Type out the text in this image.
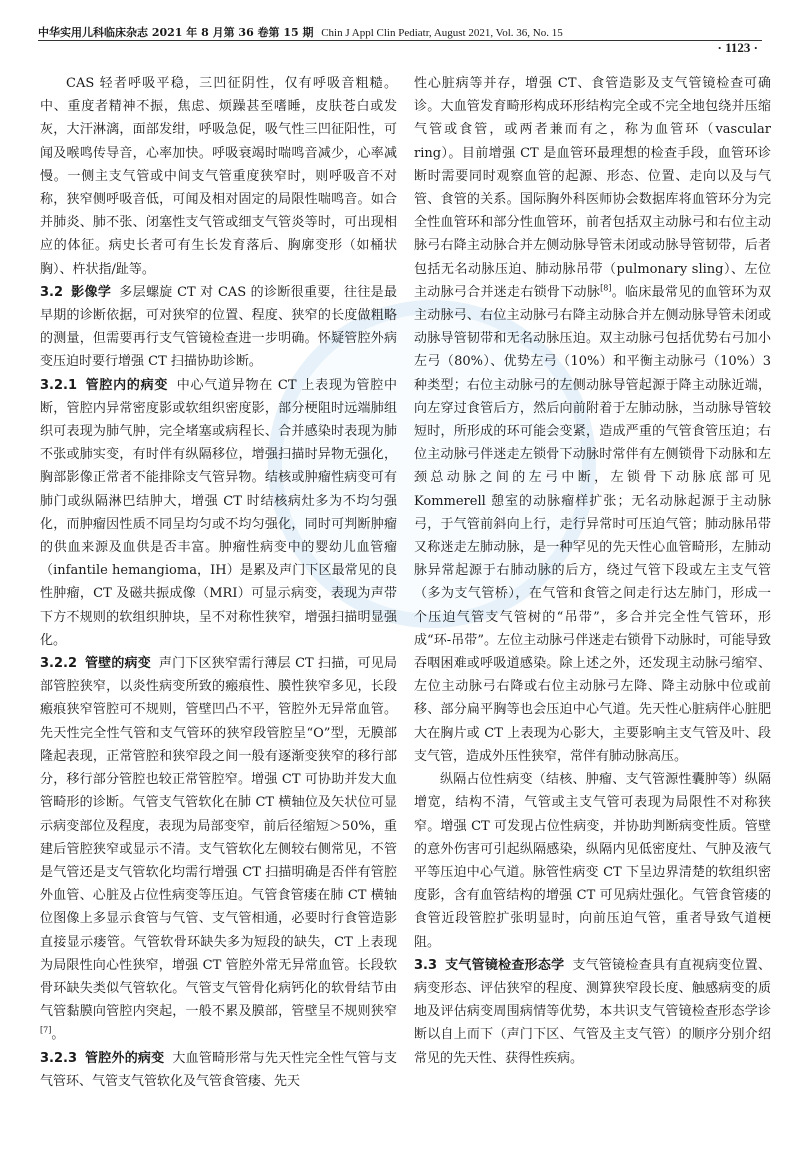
中华实用儿科临床杂志 2021 年 8 月第 36 卷第 15 期 Chin J Appl Clin Pediatr, August 2021, Vol. 36, No. 15
· 1123 ·

CAS 轻者呼吸平稳，三凹征阴性，仅有呼吸音粗糙。中、重度者精神不振，焦虑、烦躁甚至嗜睡，皮肤苍白或发灰，大汗淋漓，面部发绀，呼吸急促，吸气性三凹征阳性，可闻及喉鸣传导音，心率加快。呼吸衰竭时喘鸣音减少，心率减慢。一侧主支气管或中间支气管重度狭窄时，则呼吸音不对称，狭窄侧呼吸音低，可闻及相对固定的局限性喘鸣音。如合并肺炎、肺不张、闭塞性支气管或细支气管炎等时，可出现相应的体征。病史长者可有生长发育落后、胸廓变形（如桶状胸）、杵状指/趾等。

3.2 影像学 多层螺旋 CT 对 CAS 的诊断很重要，往往是最早期的诊断依据，可对狭窄的位置、程度、狭窄的长度做粗略的测量，但需要再行支气管镜检查进一步明确。怀疑管腔外病变压迫时要行增强 CT 扫描协助诊断。

3.2.1 管腔内的病变 中心气道异物在 CT 上表现为管腔中断，管腔内异常密度影或软组织密度影，部分梗阻时远端肺组织可表现为肺气肿，完全堵塞或病程长、合并感染时表现为肺不张或肺实变，有时伴有纵隔移位，增强扫描时异物无强化，胸部影像正常者不能排除支气管异物。结核或肿瘤性病变可有肺门或纵隔淋巴结肿大，增强 CT 时结核病灶多为不均匀强化，而肿瘤因性质不同呈均匀或不均匀强化，同时可判断肿瘤的供血来源及血供是否丰富。肿瘤性病变中的婴幼儿血管瘤（infantile hemangioma，IH）是累及声门下区最常见的良性肿瘤，CT 及磁共振成像（MRI）可显示病变，表现为声带下方不规则的软组织肿块，呈不对称性狭窄，增强扫描明显强化。

3.2.2 管壁的病变 声门下区狭窄需行薄层 CT 扫描，可见局部管腔狭窄，以炎性病变所致的瘢痕性、膜性狭窄多见，长段瘢痕狭窄管腔可不规则，管壁凹凸不平，管腔外无异常血管。先天性完全性气管和支气管环的狭窄段管腔呈“O”型，无膜部隆起表现，正常管腔和狭窄段之间一般有逐渐变狭窄的移行部分，移行部分管腔也较正常管腔窄。增强 CT 可协助并发大血管畸形的诊断。气管支气管软化在肺 CT 横轴位及矢状位可显示病变部位及程度，表现为局部变窄，前后径缩短＞50%，重建后管腔狭窄或显示不清。支气管软化左侧较右侧常见，不管是气管还是支气管软化均需行增强 CT 扫描明确是否伴有管腔外血管、心脏及占位性病变等压迫。气管食管瘘在肺 CT 横轴位图像上多显示食管与气管、支气管相通，必要时行食管造影直接显示瘘管。气管软骨环缺失多为短段的缺失，CT 上表现为局限性向心性狭窄，增强 CT 管腔外常无异常血管。长段软骨环缺失类似气管软化。气管支气管骨化病钙化的软骨结节由气管黏膜向管腔内突起，一般不累及膜部，管壁呈不规则狭窄[7]。

3.2.3 管腔外的病变 大血管畸形常与先天性完全性气管与支气管环、气管支气管软化及气管食管瘘、先天

性心脏病等并存，增强 CT、食管造影及支气管镜检查可确诊。大血管发育畸形构成环形结构完全或不完全地包绕并压缩气管或食管，或两者兼而有之，称为血管环（vascular ring）。目前增强 CT 是血管环最理想的检查手段，血管环诊断时需要同时观察血管的起源、形态、位置、走向以及与气管、食管的关系。国际胸外科医师协会数据库将血管环分为完全性血管环和部分性血管环，前者包括双主动脉弓和右位主动脉弓右降主动脉合并左侧动脉导管未闭或动脉导管韧带，后者包括无名动脉压迫、肺动脉吊带（pulmonary sling）、左位主动脉弓合并迷走右锁骨下动脉[8]。临床最常见的血管环为双主动脉弓、右位主动脉弓右降主动脉合并左侧动脉导管未闭或动脉导管韧带和无名动脉压迫。双主动脉弓包括优势右弓加小左弓（80%）、优势左弓（10%）和平衡主动脉弓（10%）3 种类型；右位主动脉弓的左侧动脉导管起源于降主动脉近端，向左穿过食管后方，然后向前附着于左肺动脉，当动脉导管较短时，所形成的环可能会变紧，造成严重的气管食管压迫；右位主动脉弓伴迷走左锁骨下动脉时常伴有左侧锁骨下动脉和左颈总动脉之间的左弓中断，左锁骨下动脉底部可见 Kommerell 憩室的动脉瘤样扩张；无名动脉起源于主动脉弓，于气管前斜向上行，走行异常时可压迫气管；肺动脉吊带又称迷走左肺动脉，是一种罕见的先天性心血管畸形，左肺动脉异常起源于右肺动脉的后方，绕过气管下段或左主支气管（多为支气管桥），在气管和食管之间走行达左肺门，形成一个压迫气管支气管树的“吊带”，多合并完全性气管环，形成“环-吊带”。左位主动脉弓伴迷走右锁骨下动脉时，可能导致吞咽困难或呼吸道感染。除上述之外，还发现主动脉弓缩窄、左位主动脉弓右降或右位主动脉弓左降、降主动脉中位或前移、部分扁平胸等也会压迫中心气道。先天性心脏病伴心脏肥大在胸片或 CT 上表现为心影大，主要影响主支气管及叶、段支气管，造成外压性狭窄，常伴有肺动脉高压。

纵隔占位性病变（结核、肿瘤、支气管源性囊肿等）纵隔增宽，结构不清，气管或主支气管可表现为局限性不对称狭窄。增强 CT 可发现占位性病变，并协助判断病变性质。管壁的意外伤害可引起纵隔感染，纵隔内见低密度灶、气肿及液气平等压迫中心气道。脉管性病变 CT 下呈边界清楚的软组织密度影，含有血管结构的增强 CT 可见病灶强化。气管食管瘘的食管近段管腔扩张明显时，向前压迫气管，重者导致气道梗阻。

3.3 支气管镜检查形态学 支气管镜检查具有直视病变位置、病变形态、评估狭窄的程度、测算狭窄段长度、触感病变的质地及评估病变周围病情等优势，本共识支气管镜检查形态学诊断以自上而下（声门下区、气管及主支气管）的顺序分别介绍常见的先天性、获得性疾病。
